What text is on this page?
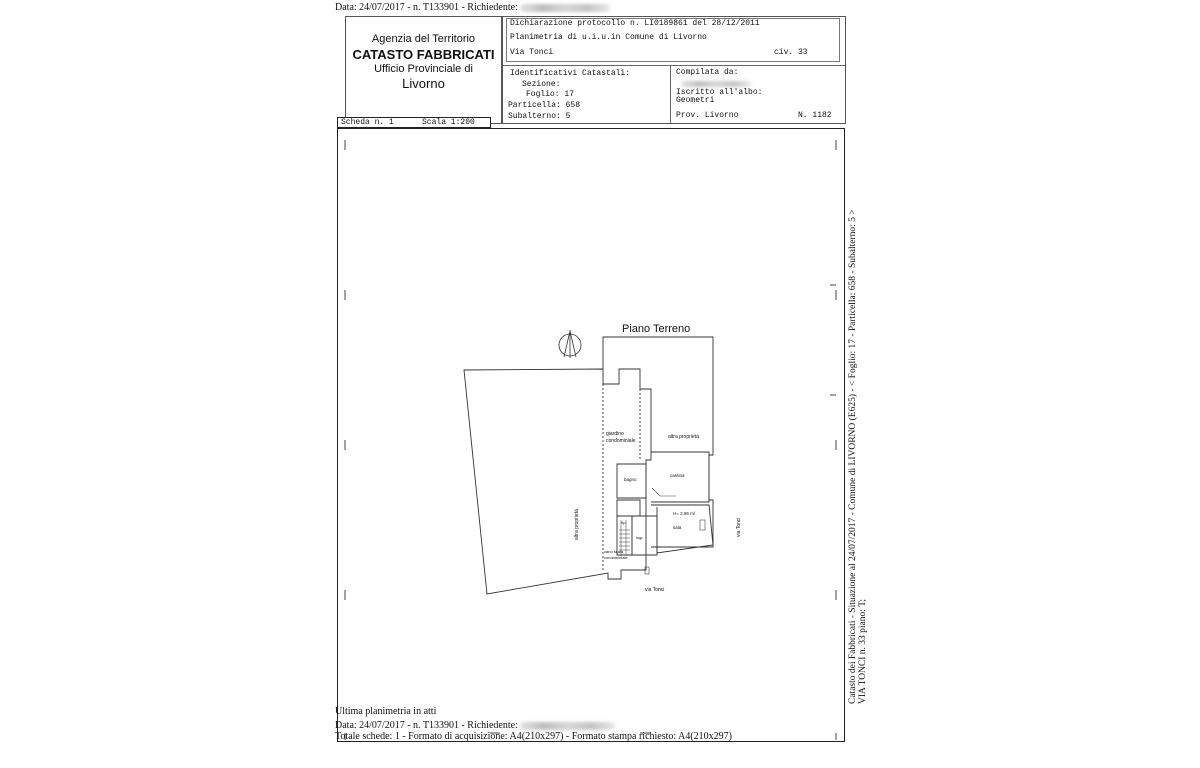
Data: 24/07/2017 - n. T133901 - Richiedente:
Agenzia del Territorio
CATASTO FABBRICATI
Ufficio Provinciale di
Livorno
Dichiarazione protocollo n. LI0189861 del 28/12/2011
Planimetria di u.i.u.in Comune di Livorno
Via Tonci	civ. 33
Identificativi Catastali:
Sezione:
Foglio: 17
Particella: 658
Subalterno: 5
Compilata da:
Iscritto all'albo:
Geometri
Prov. Livorno	N. 1182
Scheda n. 1	Scala 1:200
Piano Terreno
giardino
condominiale
altra proprietà
bagno
cantina
H= 2.95 ml
sala
rip.
ingr.
vano scala
condominiale
via Tonci
altra proprietà	via Tonci	Catasto dei Fabbricati - Situazione al 24/07/2017 - Comune di LIVORNO (E625) - < Foglio: 17 - Particella: 658 - Subalterno: 5 > VIA TONCI n. 33 piano: T;
Ultima planimetria in atti
Data: 24/07/2017 - n. T133901 - Richiedente:
Totale schede: 1 - Formato di acquisizione: A4(210x297) - Formato stampa richiesto: A4(210x297)
